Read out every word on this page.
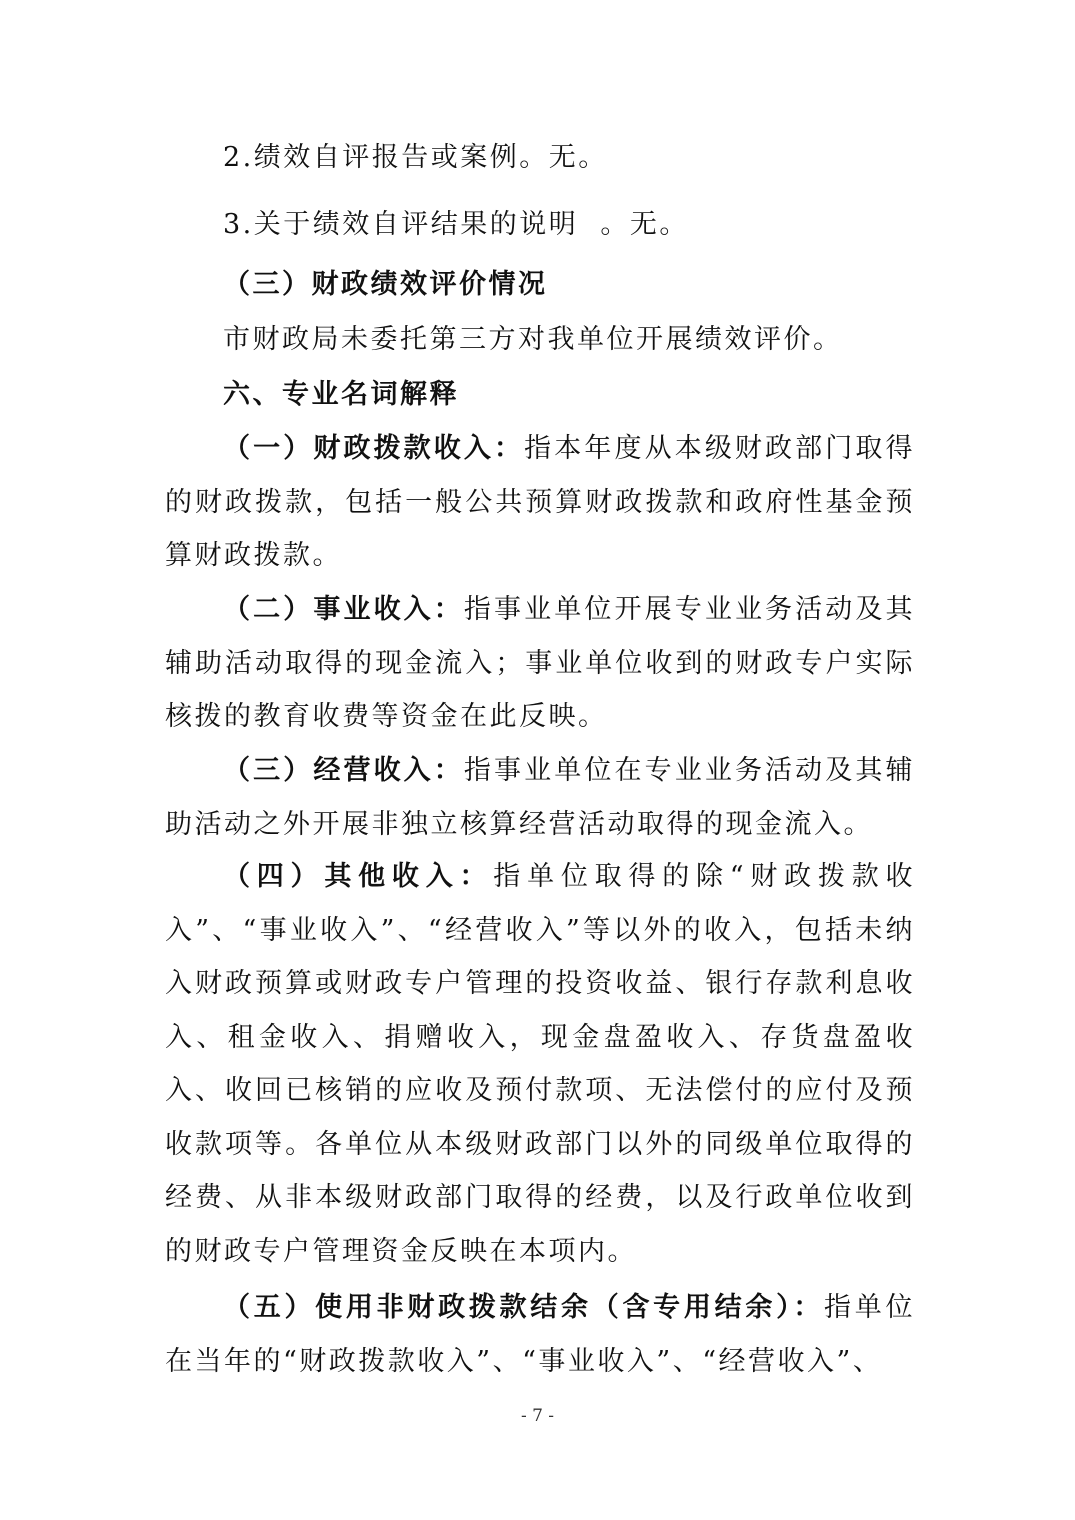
2.绩效自评报告或案例。无。

3.关于绩效自评结果的说明  。无。

（三）财政绩效评价情况

市财政局未委托第三方对我单位开展绩效评价。

六、专业名词解释

（一）财政拨款收入：指本年度从本级财政部门取得的财政拨款，包括一般公共预算财政拨款和政府性基金预算财政拨款。

（二）事业收入：指事业单位开展专业业务活动及其辅助活动取得的现金流入；事业单位收到的财政专户实际核拨的教育收费等资金在此反映。

（三）经营收入：指事业单位在专业业务活动及其辅助活动之外开展非独立核算经营活动取得的现金流入。

（四）其他收入：指单位取得的除“财政拨款收入”、“事业收入”、“经营收入”等以外的收入，包括未纳入财政预算或财政专户管理的投资收益、银行存款利息收入、租金收入、捐赠收入，现金盘盈收入、存货盘盈收入、收回已核销的应收及预付款项、无法偿付的应付及预收款项等。各单位从本级财政部门以外的同级单位取得的经费、从非本级财政部门取得的经费，以及行政单位收到的财政专户管理资金反映在本项内。

（五）使用非财政拨款结余（含专用结余）：指单位在当年的“财政拨款收入”、“事业收入”、“经营收入”、

- 7 -
